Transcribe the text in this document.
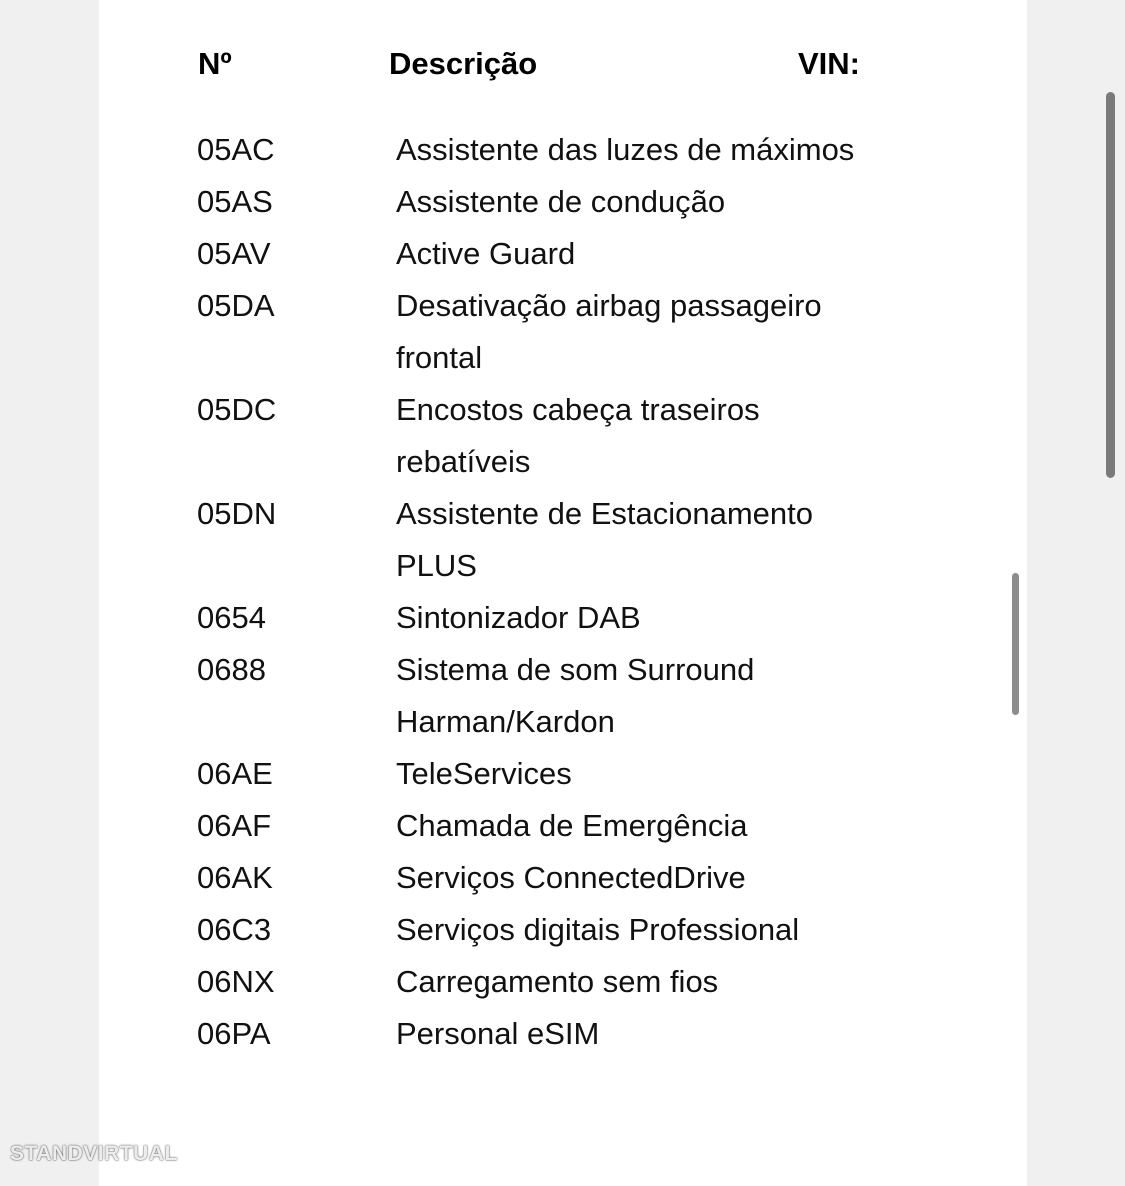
Nº	Descrição	VIN:
05AC	Assistente das luzes de máximos
05AS	Assistente de condução
05AV	Active Guard
05DA	Desativação airbag passageiro frontal
05DC	Encostos cabeça traseiros rebatíveis
05DN	Assistente de Estacionamento PLUS
0654	Sintonizador DAB
0688	Sistema de som Surround Harman/Kardon
06AE	TeleServices
06AF	Chamada de Emergência
06AK	Serviços ConnectedDrive
06C3	Serviços digitais Professional
06NX	Carregamento sem fios
06PA	Personal eSIM
STANDVIRTUAL
